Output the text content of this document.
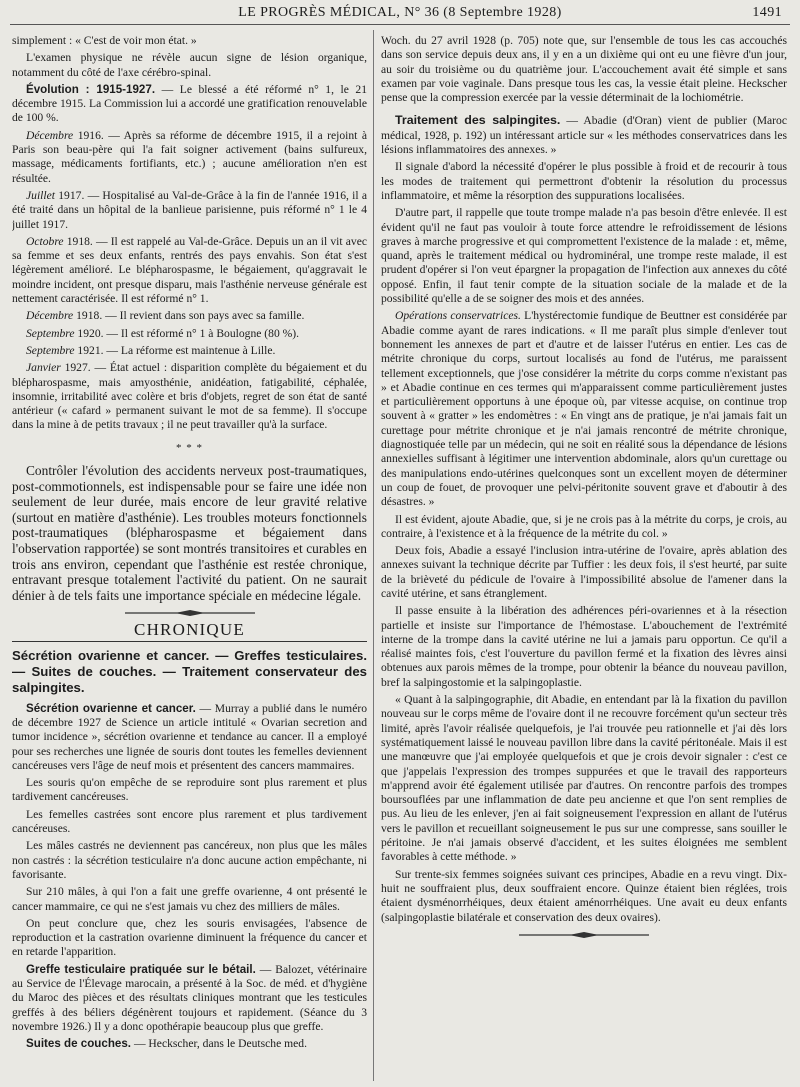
LE PROGRÈS MÉDICAL, N° 36 (8 Septembre 1928)	1491

simplement : « C'est de voir mon état. »

L'examen physique ne révèle aucun signe de lésion organique, notamment du côté de l'axe cérébro-spinal.

Évolution : 1915-1927. — Le blessé a été réformé n° 1, le 21 décembre 1915. La Commission lui a accordé une gratification renouvelable de 100 %.

Décembre 1916. — Après sa réforme de décembre 1915, il a rejoint à Paris son beau-père qui l'a fait soigner activement (bains sulfureux, massage, médicaments fortifiants, etc.) ; aucune amélioration n'en est résultée.

Juillet 1917. — Hospitalisé au Val-de-Grâce à la fin de l'année 1916, il a été traité dans un hôpital de la banlieue parisienne, puis réformé n° 1 le 4 juillet 1917.

Octobre 1918. — Il est rappelé au Val-de-Grâce. Depuis un an il vit avec sa femme et ses deux enfants, rentrés des pays envahis. Son état s'est légèrement amélioré. Le blépharospasme, le bégaiement, qu'aggravait le moindre incident, ont presque disparu, mais l'asthénie nerveuse générale est nettement caractérisée. Il est réformé n° 1.

Décembre 1918. — Il revient dans son pays avec sa famille.

Septembre 1920. — Il est réformé n° 1 à Boulogne (80 %).

Septembre 1921. — La réforme est maintenue à Lille.

Janvier 1927. — État actuel : disparition complète du bégaiement et du blépharospasme, mais amyosthénie, anidéation, fatigabilité, céphalée, insomnie, irritabilité avec colère et bris d'objets, regret de son état de santé antérieur (« cafard » permanent suivant le mot de sa femme). Il s'occupe dans la mine à de petits travaux ; il ne peut travailler qu'à la surface.

* * *

Contrôler l'évolution des accidents nerveux post-traumatiques, post-commotionnels, est indispensable pour se faire une idée non seulement de leur durée, mais encore de leur gravité relative (surtout en matière d'asthénie). Les troubles moteurs fonctionnels post-traumatiques (blépharospasme et bégaiement dans l'observation rapportée) se sont montrés transitoires et curables en trois ans environ, cependant que l'asthénie est restée chronique, entravant presque totalement l'activité du patient. On ne saurait dénier à de tels faits une importance spéciale en médecine légale.

CHRONIQUE

Sécrétion ovarienne et cancer. — Greffes testiculaires. — Suites de couches. — Traitement conservateur des salpingites.

Sécrétion ovarienne et cancer. — Murray a publié dans le numéro de décembre 1927 de Science un article intitulé « Ovarian secretion and tumor incidence », sécrétion ovarienne et tendance au cancer. Il a employé pour ses recherches une lignée de souris dont toutes les femelles deviennent cancéreuses vers l'âge de neuf mois et présentent des cancers mammaires.

Les souris qu'on empêche de se reproduire sont plus rarement et plus tardivement cancéreuses.

Les femelles castrées sont encore plus rarement et plus tardivement cancéreuses.

Les mâles castrés ne deviennent pas cancéreux, non plus que les mâles non castrés : la sécrétion testiculaire n'a donc aucune action empêchante, ni favorisante.

Sur 210 mâles, à qui l'on a fait une greffe ovarienne, 4 ont présenté le cancer mammaire, ce qui ne s'est jamais vu chez des milliers de mâles.

On peut conclure que, chez les souris envisagées, l'absence de reproduction et la castration ovarienne diminuent la fréquence du cancer et en retarde l'apparition.

Greffe testiculaire pratiquée sur le bétail. — Balozet, vétérinaire au Service de l'Élevage marocain, a présenté à la Soc. de méd. et d'hygiène du Maroc des pièces et des résultats cliniques montrant que les testicules greffés à des béliers dégénèrent toujours et rapidement. (Séance du 3 novembre 1926.) Il y a donc opothérapie beaucoup plus que greffe.

Suites de couches. — Heckscher, dans le Deutsche med.

Woch. du 27 avril 1928 (p. 705) note que, sur l'ensemble de tous les cas accouchés dans son service depuis deux ans, il y en a un dixième qui ont eu une fièvre d'un jour, au soir du troisième ou du quatrième jour. L'accouchement avait été simple et sans examen par voie vaginale. Dans presque tous les cas, la vessie était pleine. Heckscher pense que la compression exercée par la vessie déterminait de la lochiométrie.

Traitement des salpingites. — Abadie (d'Oran) vient de publier (Maroc médical, 1928, p. 192) un intéressant article sur « les méthodes conservatrices dans les lésions inflammatoires des annexes. »

Il signale d'abord la nécessité d'opérer le plus possible à froid et de recourir à tous les modes de traitement qui permettront d'obtenir la résolution du processus inflammatoire, et même la résorption des suppurations localisées.

D'autre part, il rappelle que toute trompe malade n'a pas besoin d'être enlevée. Il est évident qu'il ne faut pas vouloir à toute force attendre le refroidissement de lésions graves à marche progressive et qui compromettent l'existence de la malade : et, même, quand, après le traitement médical ou hydrominéral, une trompe reste malade, il est prudent d'opérer si l'on veut épargner la propagation de l'infection aux annexes du côté opposé. Enfin, il faut tenir compte de la situation sociale de la malade et de la possibilité qu'elle a de se soigner des mois et des années.

Opérations conservatrices. L'hystérectomie fundique de Beuttner est considérée par Abadie comme ayant de rares indications. « Il me paraît plus simple d'enlever tout bonnement les annexes de part et d'autre et de laisser l'utérus en entier. Les cas de métrite chronique du corps, surtout localisés au fond de l'utérus, me paraissent tellement exceptionnels, que j'ose considérer la métrite du corps comme n'existant pas » et Abadie continue en ces termes qui m'apparaissent comme particulièrement justes et particulièrement opportuns à une époque où, par vitesse acquise, on continue trop souvent à « gratter » les endomètres : « En vingt ans de pratique, je n'ai jamais fait un curettage pour métrite chronique et je n'ai jamais rencontré de métrite chronique, diagnostiquée telle par un médecin, qui ne soit en réalité sous la dépendance de lésions annexielles suffisant à légitimer une intervention abdominale, alors qu'un curettage ou des manipulations endo-utérines quelconques sont un excellent moyen de déterminer un coup de fouet, de provoquer une pelvi-péritonite souvent grave et d'aboutir à des désastres. »

Il est évident, ajoute Abadie, que, si je ne crois pas à la métrite du corps, je crois, au contraire, à l'existence et à la fréquence de la métrite du col. »

Deux fois, Abadie a essayé l'inclusion intra-utérine de l'ovaire, après ablation des annexes suivant la technique décrite par Tuffier : les deux fois, il s'est heurté, par suite de la brièveté du pédicule de l'ovaire à l'impossibilité absolue de l'amener dans la cavité utérine, et sans étranglement.

Il passe ensuite à la libération des adhérences péri-ovariennes et à la résection partielle et insiste sur l'importance de l'hémostase. L'abouchement de l'extrémité interne de la trompe dans la cavité utérine ne lui a jamais paru opportun. Ce qu'il a réalisé maintes fois, c'est l'ouverture du pavillon fermé et la fixation des lèvres ainsi obtenues aux parois mêmes de la trompe, pour obtenir la béance du nouveau pavillon, bref la salpingostomie et la salpingoplastie.

« Quant à la salpingographie, dit Abadie, en entendant par là la fixation du pavillon nouveau sur le corps même de l'ovaire dont il ne recouvre forcément qu'un secteur très limité, après l'avoir réalisée quelquefois, je l'ai trouvée peu rationnelle et j'ai dès lors systématiquement laissé le nouveau pavillon libre dans la cavité péritonéale. Mais il est une manœuvre que j'ai employée quelquefois et que je crois devoir signaler : c'est ce que j'appelais l'expression des trompes suppurées et que le travail des rapporteurs m'apprend avoir été également utilisée par d'autres. On rencontre parfois des trompes boursouflées par une inflammation de date peu ancienne et que l'on sent remplies de pus. Au lieu de les enlever, j'en ai fait soigneusement l'expression en allant de l'utérus vers le pavillon et recueillant soigneusement le pus sur une compresse, sans souiller le péritoine. Je n'ai jamais observé d'accident, et les suites éloignées me semblent favorables à cette méthode. »

Sur trente-six femmes soignées suivant ces principes, Abadie en a revu vingt. Dix-huit ne souffraient plus, deux souffraient encore. Quinze étaient bien réglées, trois étaient dysménorrhéiques, deux étaient aménorrhéiques. Une avait eu deux enfants (salpingoplastie bilatérale et conservation des deux ovaires).
